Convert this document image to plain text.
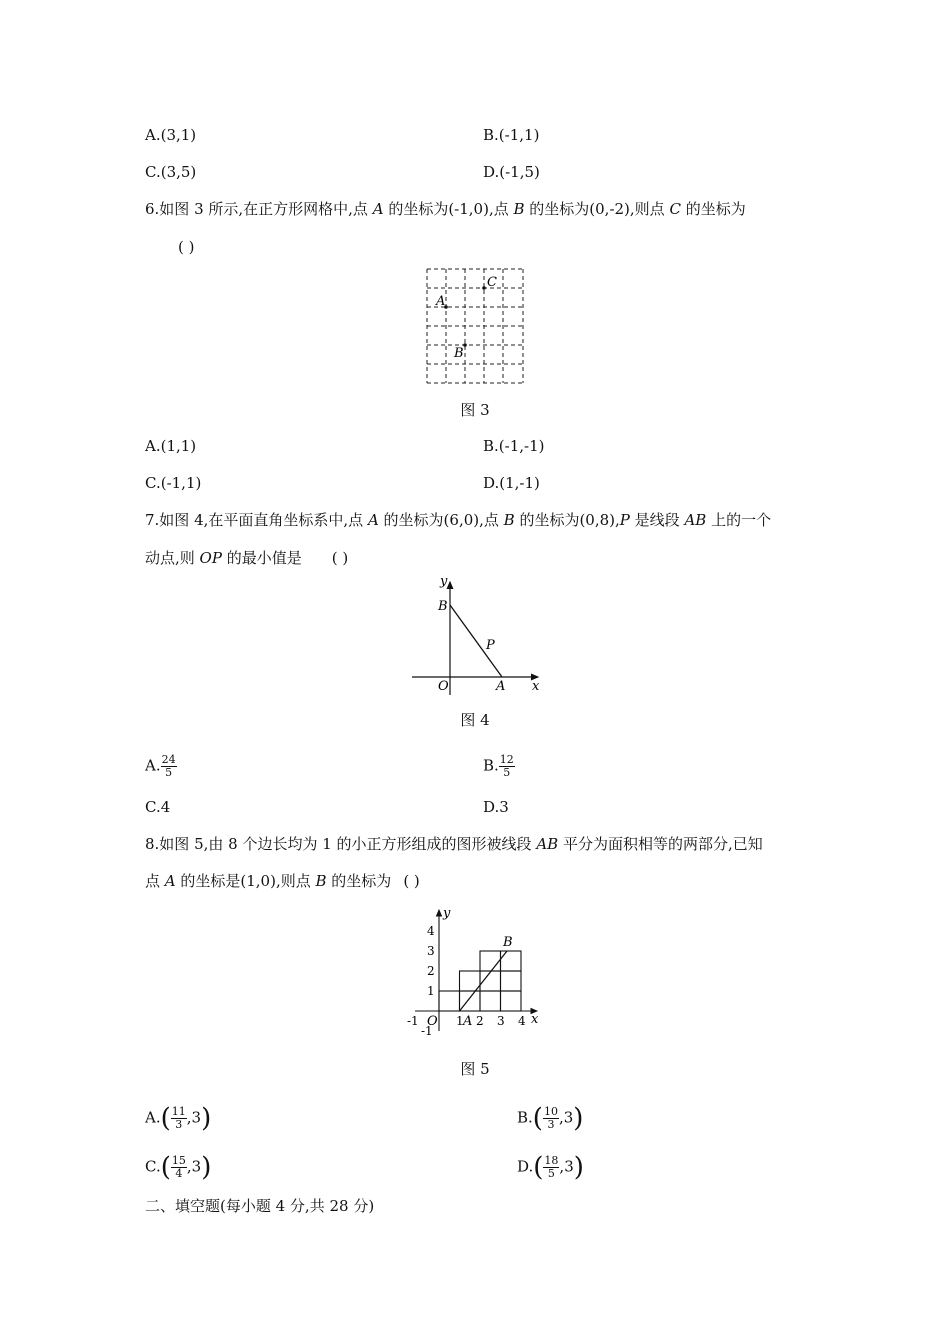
A.(3,1)	B.(-1,1)
C.(3,5)	D.(-1,5)
6.如图 3 所示,在正方形网格中,点 A 的坐标为(-1,0),点 B 的坐标为(0,-2),则点 C 的坐标为
( )
A
B
C
图 3
A.(1,1)	B.(-1,-1)
C.(-1,1)	D.(1,-1)
7.如图 4,在平面直角坐标系中,点 A 的坐标为(6,0),点 B 的坐标为(0,8),P 是线段 AB 上的一个
动点,则 OP 的最小值是 ( )
y
x
B
P
O	A
图 4
A. $\frac{24}{5}$	B. $\frac{12}{5}$
C.4	D.3
8.如图 5,由 8 个边长均为 1 的小正方形组成的图形被线段 AB 平分为面积相等的两部分,已知
点 A 的坐标是(1,0),则点 B 的坐标为 ( )
y
x
B
O A
-1	1 2 3 4
4
3
2
1
-1
图 5
$A.( \frac{11}{3} ,3)$	$B.( \frac{10}{3} ,3)$
$C.( \frac{15}{4} ,3)$	$D.( \frac{18}{5} ,3)$
二、填空题(每小题 4 分,共 28 分)
